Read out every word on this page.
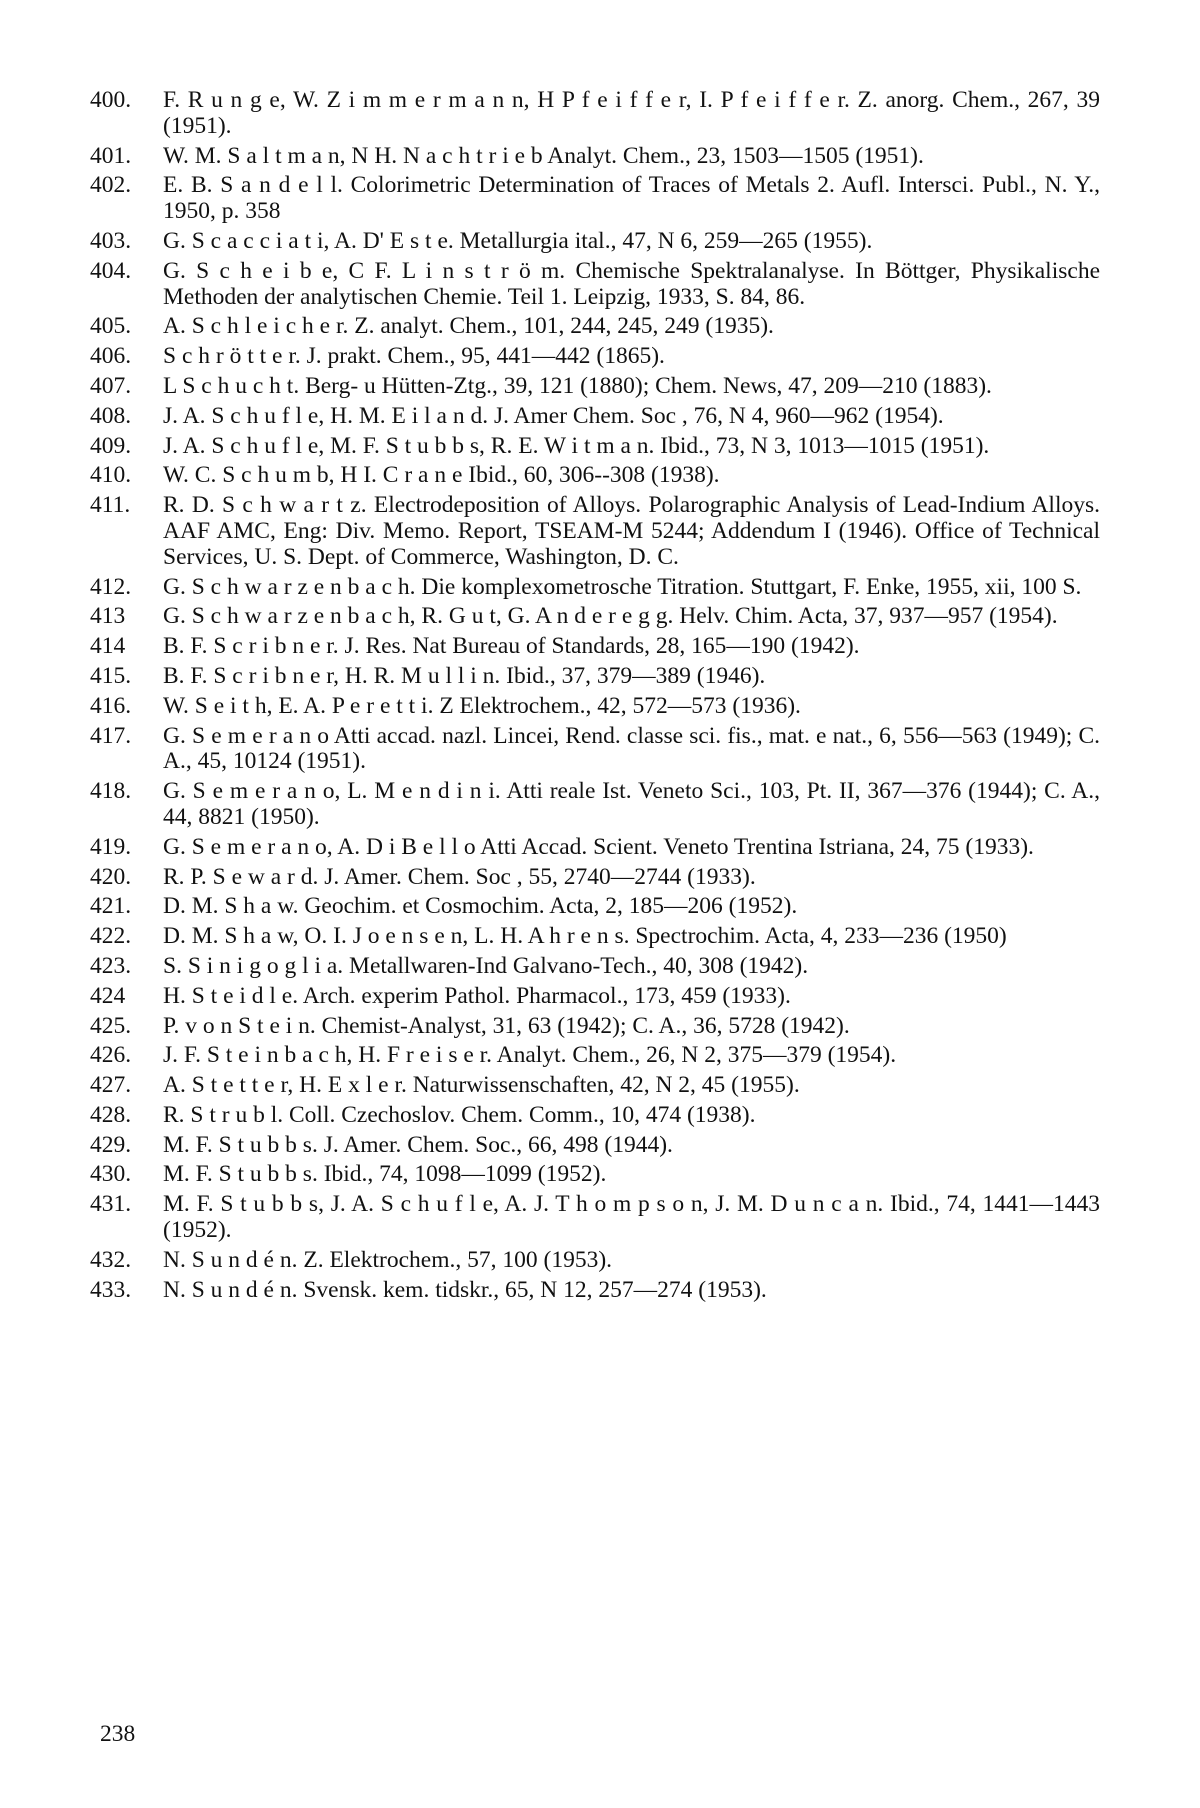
400.	F. R u n g e, W. Z i m m e r m a n n, H P f e i f f e r, I. P f e i f f e r. Z. anorg. Chem., 267, 39 (1951).
401.	W. M. S a l t m a n, N H. N a c h t r i e b Analyt. Chem., 23, 1503—1505 (1951).
402.	E. B. S a n d e l l. Colorimetric Determination of Traces of Metals 2. Aufl. Intersci. Publ., N. Y., 1950, p. 358
403.	G. S c a c c i a t i, A. D' E s t e. Metallurgia ital., 47, N 6, 259—265 (1955).
404.	G. S c h e i b e, C F. L i n s t r ö m. Chemische Spektralanalyse. In Böttger, Physikalische Methoden der analytischen Chemie. Teil 1. Leipzig, 1933, S. 84, 86.
405.	A. S c h l e i c h e r. Z. analyt. Chem., 101, 244, 245, 249 (1935).
406.	S c h r ö t t e r. J. prakt. Chem., 95, 441—442 (1865).
407.	L S c h u c h t. Berg- u Hütten-Ztg., 39, 121 (1880); Chem. News, 47, 209—210 (1883).
408.	J. A. S c h u f l e, H. M. E i l a n d. J. Amer Chem. Soc , 76, N 4, 960—962 (1954).
409.	J. A. S c h u f l e, M. F. S t u b b s, R. E. W i t m a n. Ibid., 73, N 3, 1013—1015 (1951).
410.	W. C. S c h u m b, H I. C r a n e Ibid., 60, 306--308 (1938).
411.	R. D. S c h w a r t z. Electrodeposition of Alloys. Polarographic Analysis of Lead-Indium Alloys. AAF AMC, Eng: Div. Memo. Report, TSEAM-M 5244; Addendum I (1946). Office of Technical Services, U. S. Dept. of Commerce, Washington, D. C.
412.	G. S c h w a r z e n b a c h. Die komplexometrosche Titration. Stuttgart, F. Enke, 1955, xii, 100 S.
413	G. S c h w a r z e n b a c h, R. G u t, G. A n d e r e g g. Helv. Chim. Acta, 37, 937—957 (1954).
414	B. F. S c r i b n e r. J. Res. Nat Bureau of Standards, 28, 165—190 (1942).
415.	B. F. S c r i b n e r, H. R. M u l l i n. Ibid., 37, 379—389 (1946).
416.	W. S e i t h, E. A. P e r e t t i. Z Elektrochem., 42, 572—573 (1936).
417.	G. S e m e r a n o Atti accad. nazl. Lincei, Rend. classe sci. fis., mat. e nat., 6, 556—563 (1949); C. A., 45, 10124 (1951).
418.	G. S e m e r a n o, L. M e n d i n i. Atti reale Ist. Veneto Sci., 103, Pt. II, 367—376 (1944); C. A., 44, 8821 (1950).
419.	G. S e m e r a n o, A. D i B e l l o Atti Accad. Scient. Veneto Trentina Istriana, 24, 75 (1933).
420.	R. P. S e w a r d. J. Amer. Chem. Soc , 55, 2740—2744 (1933).
421.	D. M. S h a w. Geochim. et Cosmochim. Acta, 2, 185—206 (1952).
422.	D. M. S h a w, O. I. J o e n s e n, L. H. A h r e n s. Spectrochim. Acta, 4, 233—236 (1950)
423.	S. S i n i g o g l i a. Metallwaren-Ind Galvano-Tech., 40, 308 (1942).
424	H. S t e i d l e. Arch. experim Pathol. Pharmacol., 173, 459 (1933).
425.	P. v o n S t e i n. Chemist-Analyst, 31, 63 (1942); C. A., 36, 5728 (1942).
426.	J. F. S t e i n b a c h, H. F r e i s e r. Analyt. Chem., 26, N 2, 375—379 (1954).
427.	A. S t e t t e r, H. E x l e r. Naturwissenschaften, 42, N 2, 45 (1955).
428.	R. S t r u b l. Coll. Czechoslov. Chem. Comm., 10, 474 (1938).
429.	M. F. S t u b b s. J. Amer. Chem. Soc., 66, 498 (1944).
430.	M. F. S t u b b s. Ibid., 74, 1098—1099 (1952).
431.	M. F. S t u b b s, J. A. S c h u f l e, A. J. T h o m p s o n, J. M. D u n c a n. Ibid., 74, 1441—1443 (1952).
432.	N. S u n d é n. Z. Elektrochem., 57, 100 (1953).
433.	N. S u n d é n. Svensk. kem. tidskr., 65, N 12, 257—274 (1953).
238
